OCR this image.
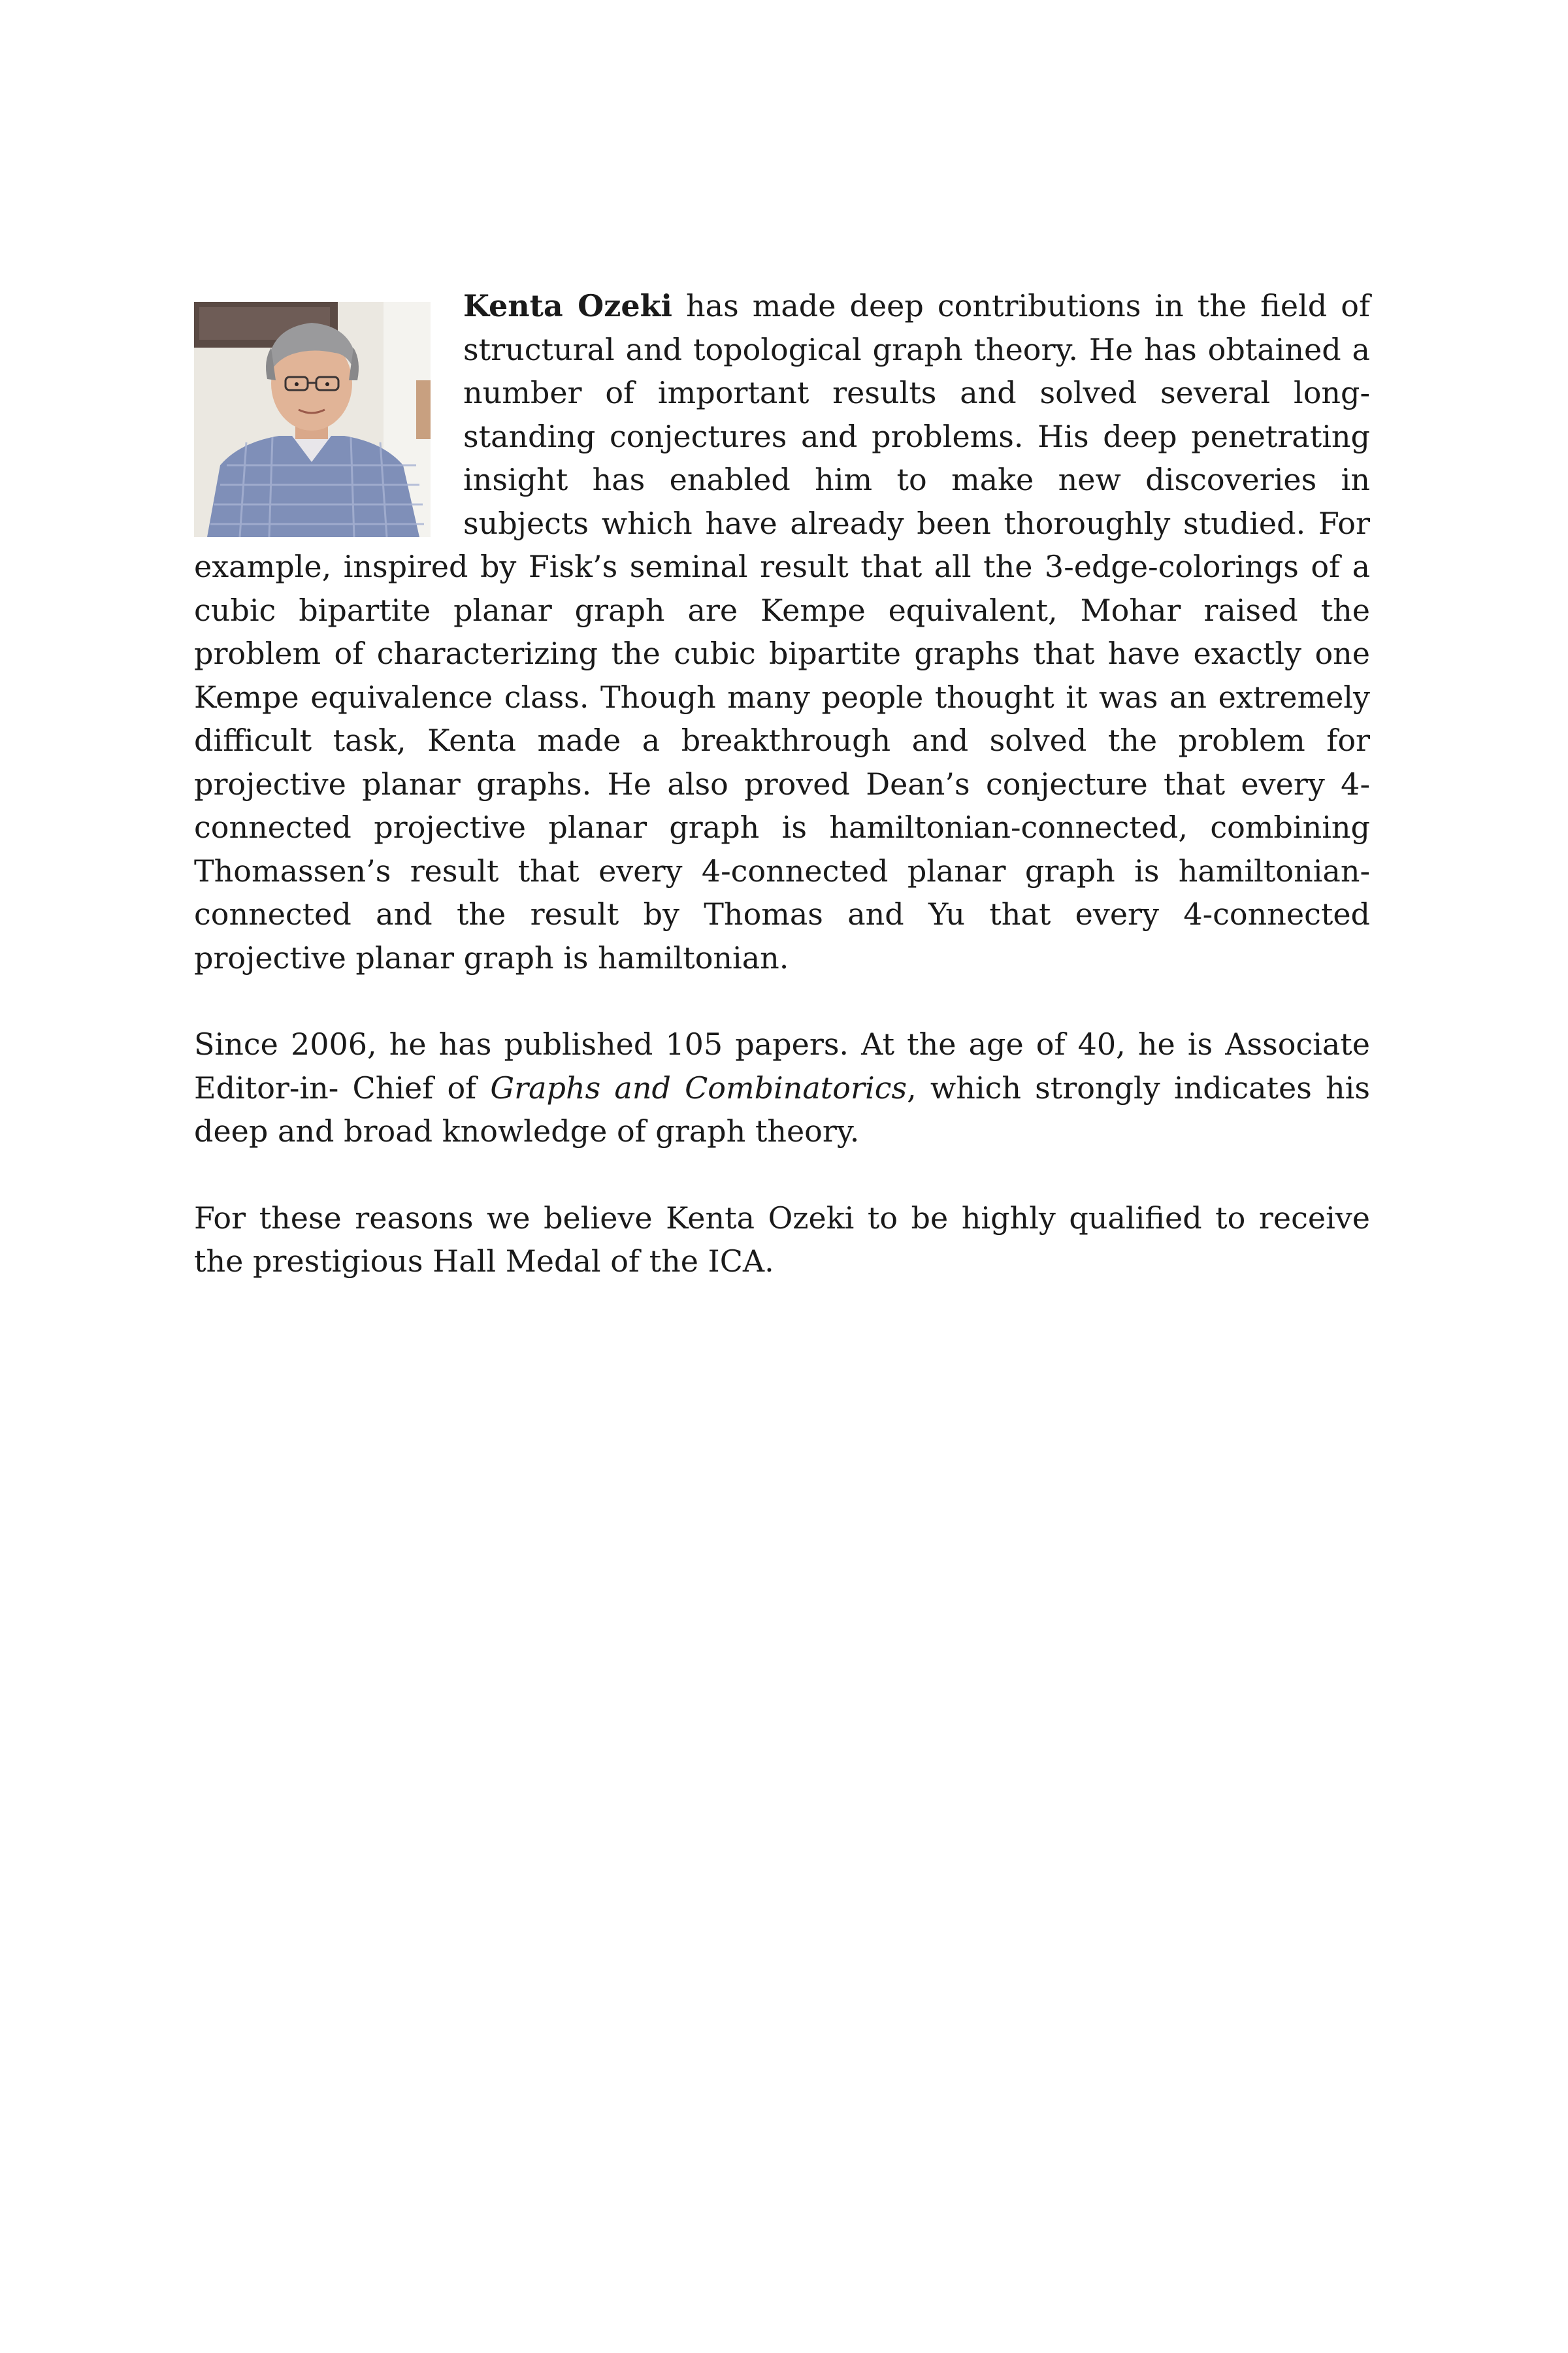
Kenta Ozeki has made deep contributions in the field of structural and topological graph theory. He has obtained a number of important results and solved several long-standing conjectures and problems. His deep penetrating insight has enabled him to make new discoveries in subjects which have already been thoroughly studied. For example, inspired by Fisk’s seminal result that all the 3-edge-colorings of a cubic bipartite planar graph are Kempe equivalent, Mohar raised the problem of characterizing the cubic bipartite graphs that have exactly one Kempe equivalence class. Though many people thought it was an extremely difficult task, Kenta made a breakthrough and solved the problem for projective planar graphs. He also proved Dean’s conjecture that every 4-connected projective planar graph is hamiltonian-connected, combining Thomassen’s result that every 4-connected planar graph is hamiltonian-connected and the result by Thomas and Yu that every 4-connected projective planar graph is hamiltonian.

Since 2006, he has published 105 papers. At the age of 40, he is Associate Editor-in- Chief of Graphs and Combinatorics, which strongly indicates his deep and broad knowledge of graph theory.

For these reasons we believe Kenta Ozeki to be highly qualified to receive the prestigious Hall Medal of the ICA.
